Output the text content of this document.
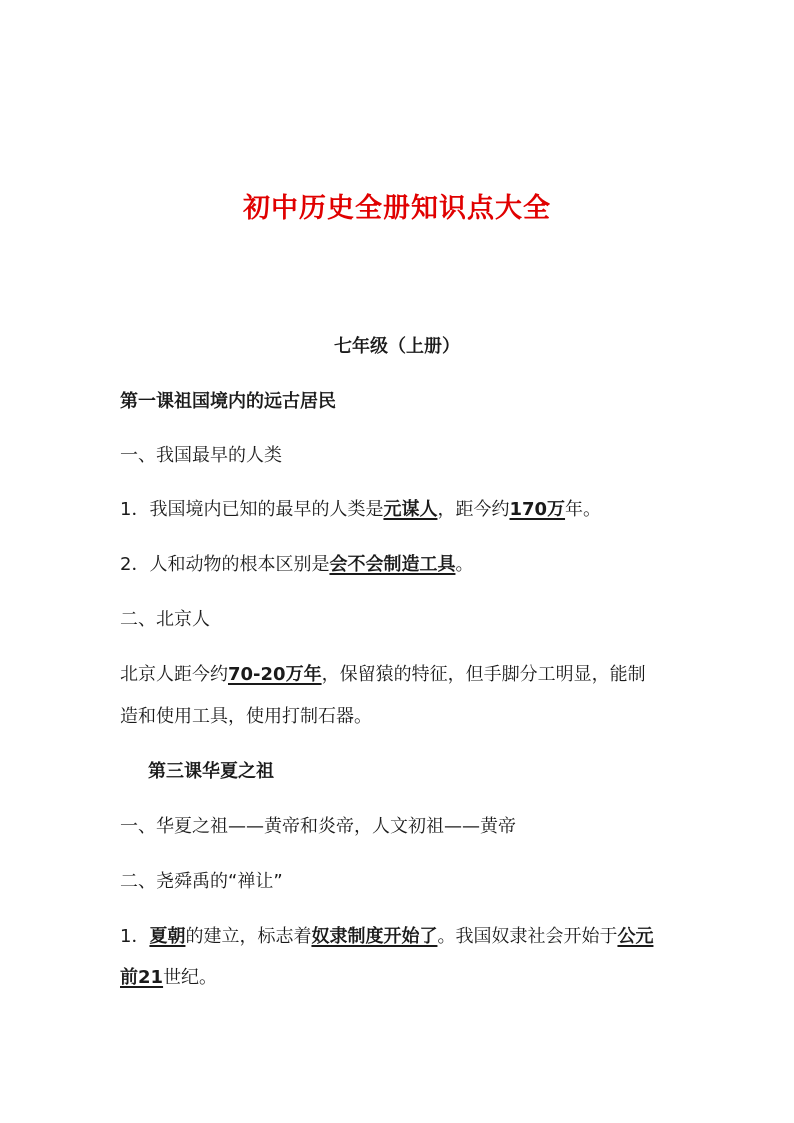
初中历史全册知识点大全
七年级（上册）
第一课祖国境内的远古居民
一、我国最早的人类
1．我国境内已知的最早的人类是元谋人，距今约170万年。
2．人和动物的根本区别是会不会制造工具。
二、北京人
北京人距今约70-20万年，保留猿的特征，但手脚分工明显，能制
造和使用工具，使用打制石器。
第三课华夏之祖
一、华夏之祖——黄帝和炎帝，人文初祖——黄帝
二、尧舜禹的“禅让”
1．夏朝的建立，标志着奴隶制度开始了。我国奴隶社会开始于公元
前21世纪。
